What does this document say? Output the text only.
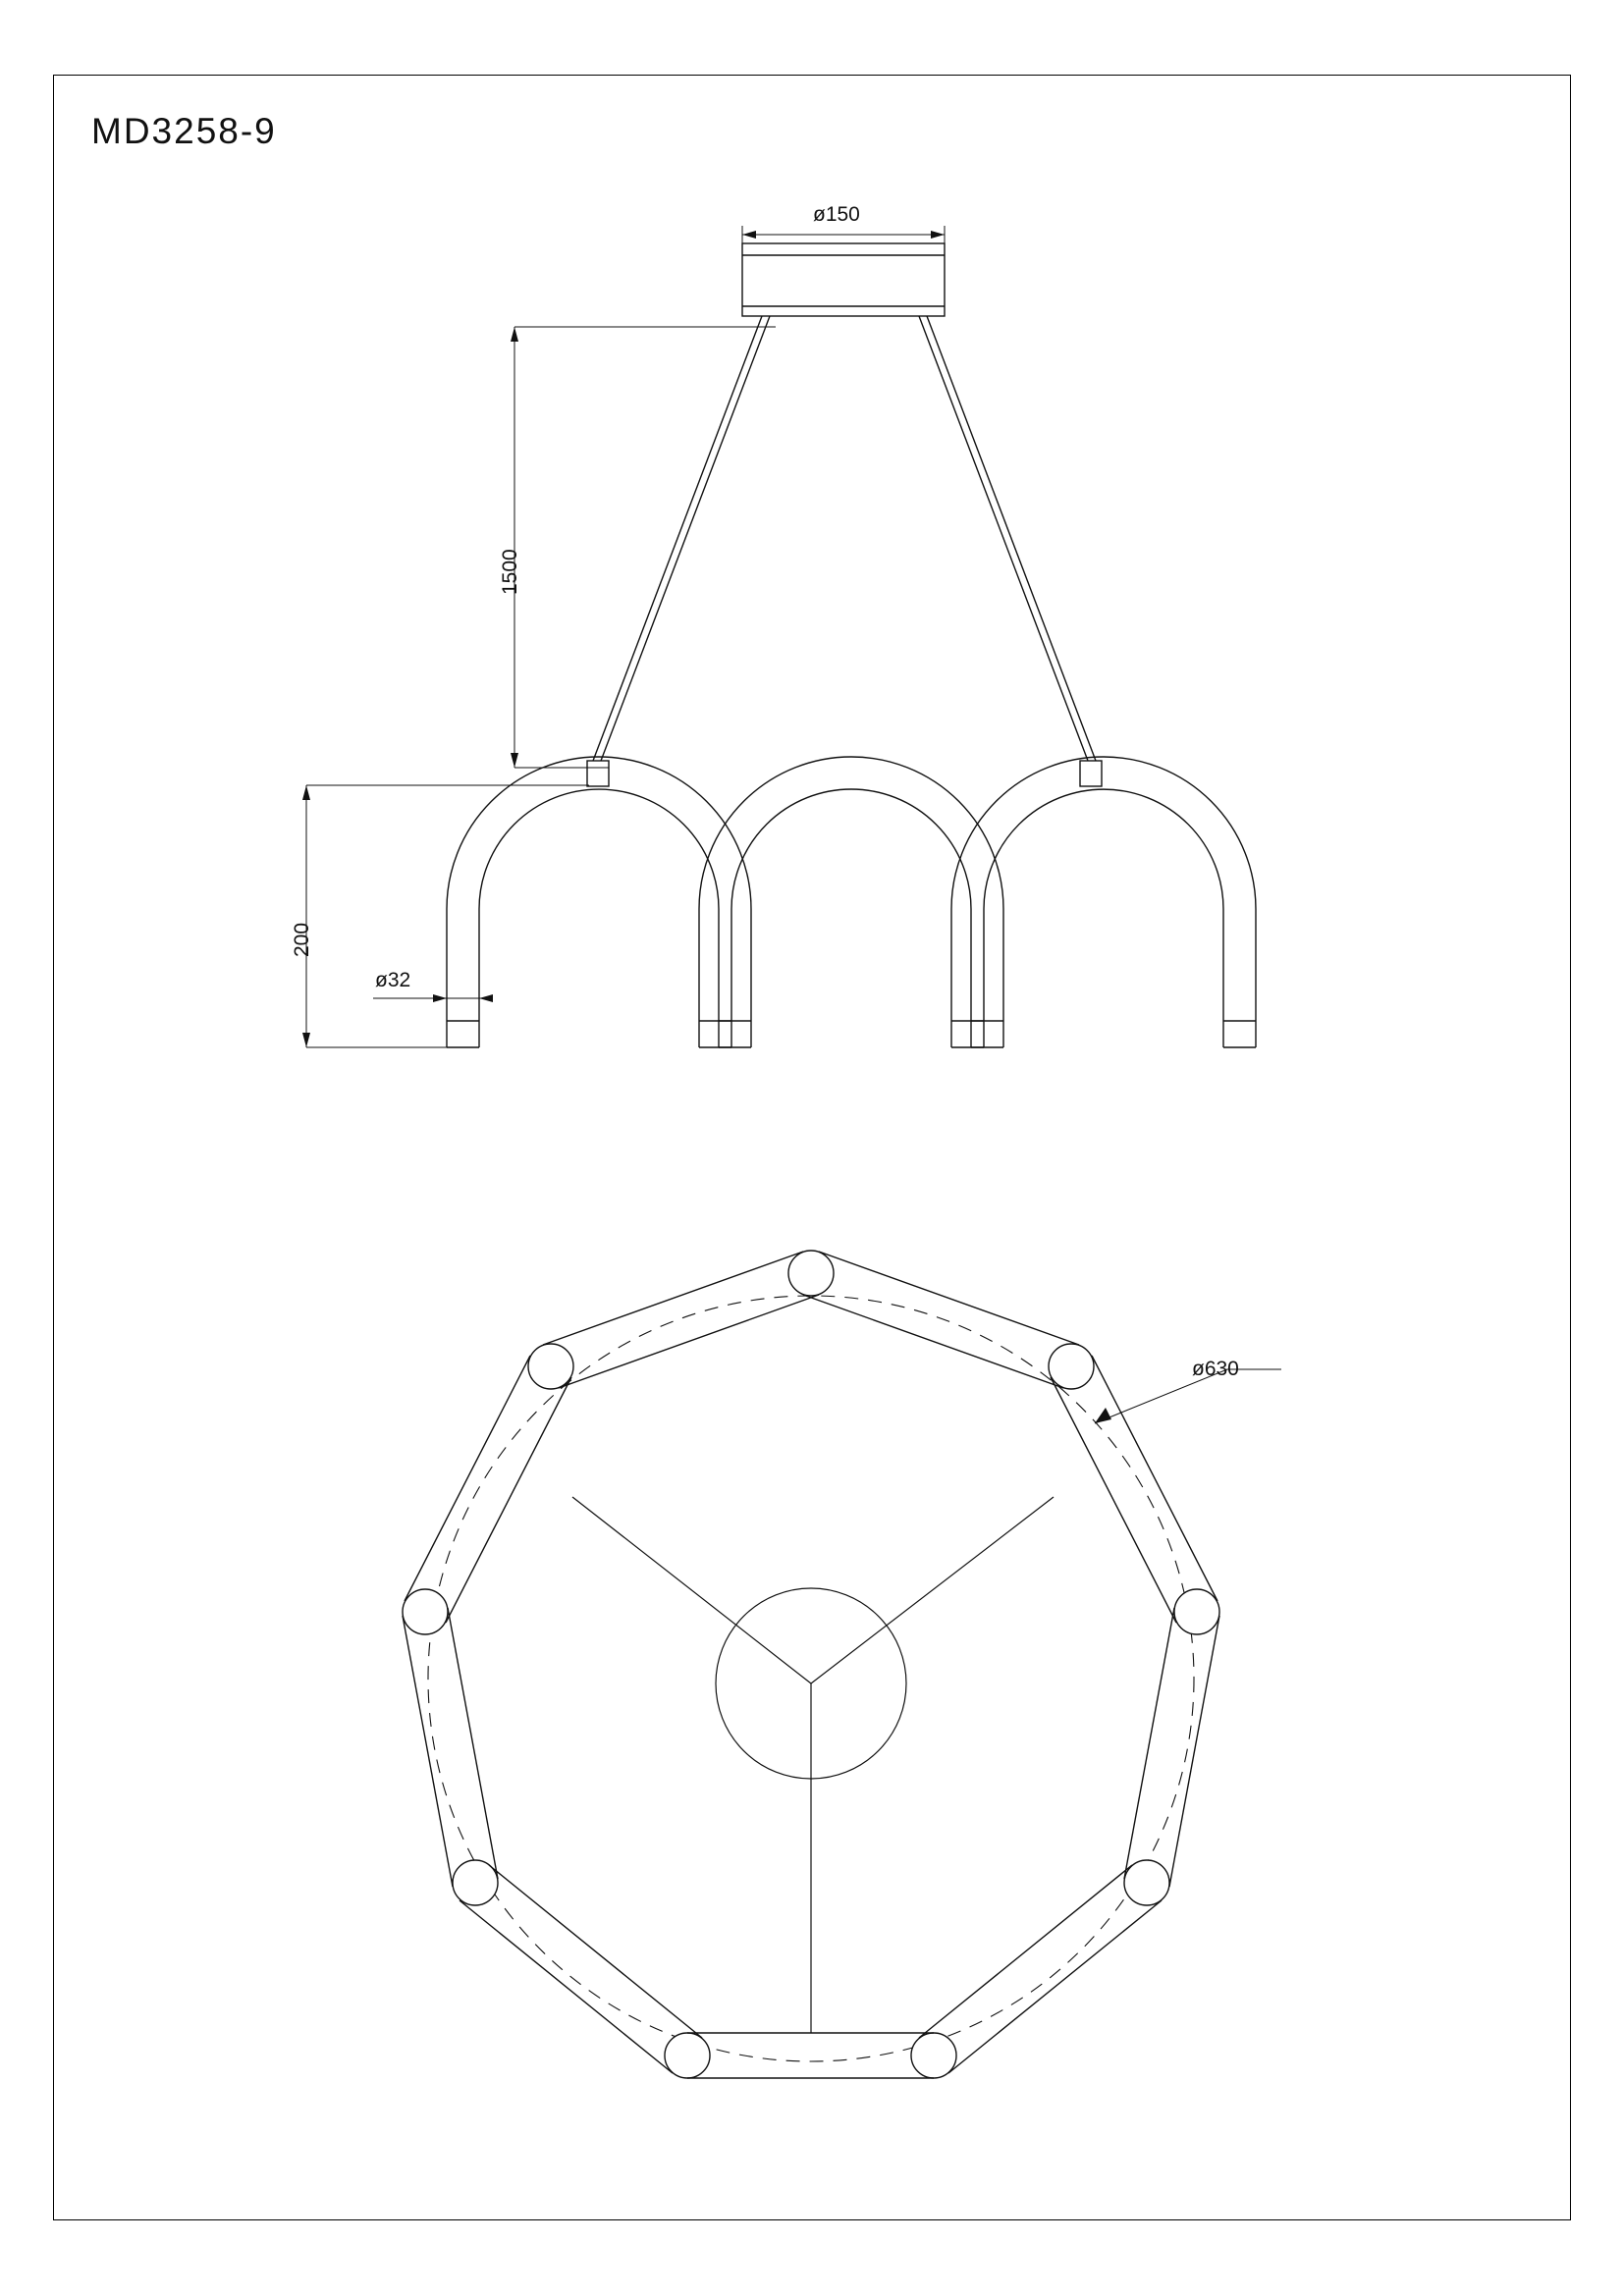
MD3258-9
ø150
1500
200
ø32
ø630
